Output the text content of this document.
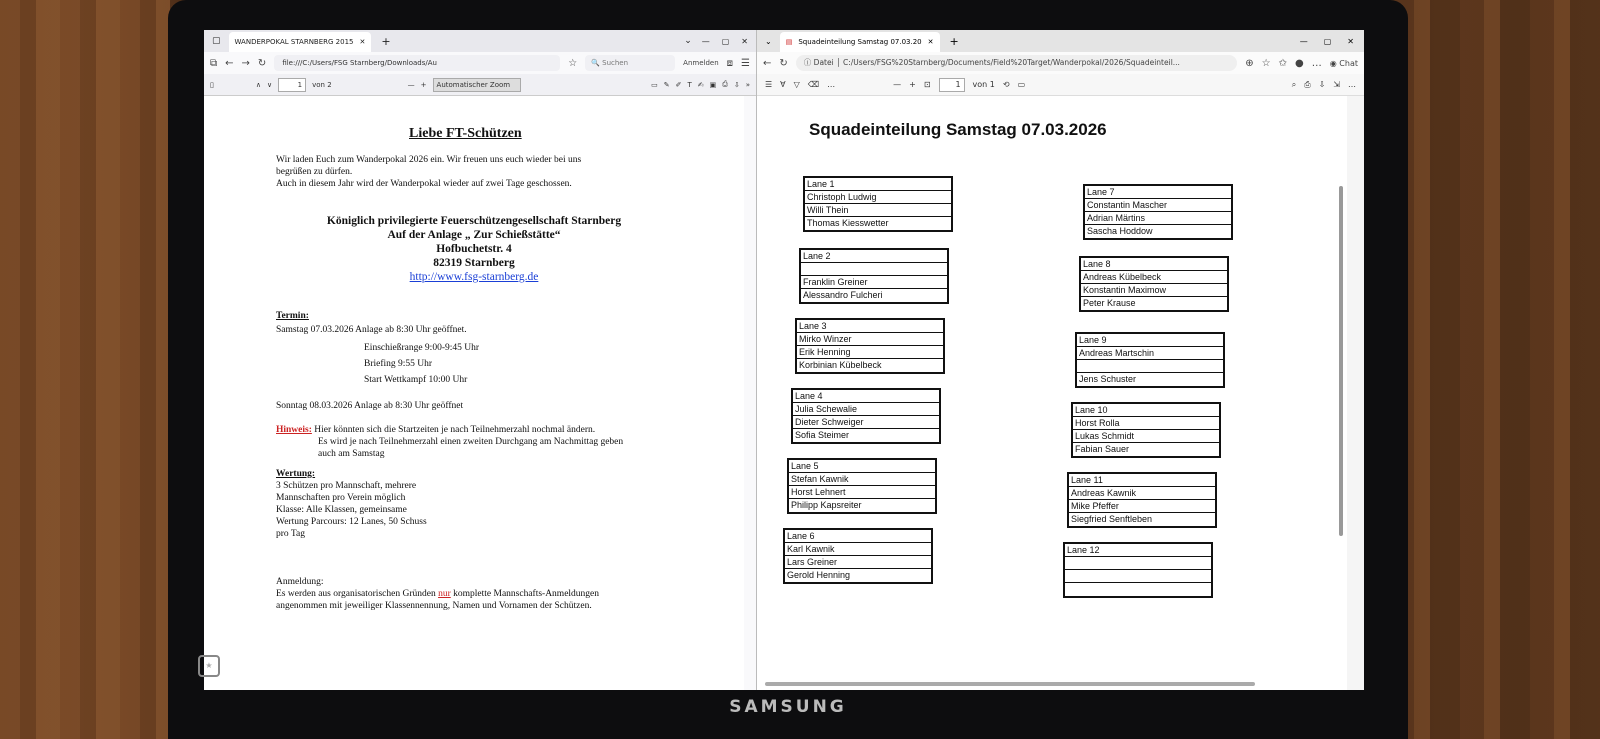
▢ WANDERPOKAL STARNBERG 2015 ✕ +	⌄ — ▢ ✕
⧉ ← → ↻	file:///C:/Users/FSG Starnberg/Downloads/Au	☆	🔍 Suchen	Anmelden ⧈ ☰
▯	∧ ∨	1	von 2	— +	Automatischer Zoom	▭ ✎ ✐ T ✍ ▣ ⎙ ⇩ »

Liebe FT-Schützen

Wir laden Euch zum Wanderpokal 2026 ein. Wir freuen uns euch wieder bei uns

begrüßen zu dürfen.

Auch in diesem Jahr wird der Wanderpokal wieder auf zwei Tage geschossen.

Königlich privilegierte Feuerschützengesellschaft Starnberg
Auf der Anlage „ Zur Schießstätte“
Hofbuchetstr. 4
82319 Starnberg
http://www.fsg-starnberg.de

Termin:

Samstag 07.03.2026 Anlage ab 8:30 Uhr geöffnet.

Einschießrange 9:00-9:45 Uhr

Briefing 9:55 Uhr

Start Wettkampf 10:00 Uhr

Sonntag 08.03.2026 Anlage ab 8:30 Uhr geöffnet

Hinweis: Hier könnten sich die Startzeiten je nach Teilnehmerzahl nochmal ändern.

Es wird je nach Teilnehmerzahl einen zweiten Durchgang am Nachmittag geben

auch am Samstag

Wertung:

3 Schützen pro Mannschaft, mehrere

Mannschaften pro Verein möglich

Klasse: Alle Klassen, gemeinsame

Wertung Parcours: 12 Lanes, 50 Schuss

pro Tag

Anmeldung:

Es werden aus organisatorischen Gründen nur komplette Mannschafts-Anmeldungen

angenommen mit jeweiliger Klassennennung, Namen und Vornamen der Schützen.

⌄ ▤ Squadeinteilung Samstag 07.03.20 ✕ +	— ▢ ✕
← ↻	ⓘ Datei │ C:/Users/FSG%20Starnberg/Documents/Field%20Target/Wanderpokal/2026/Squadeinteil...	⊕ ☆ ✩ ● … ◉ Chat
☰ ∀ ▽ ⌫ …	— + ⊡	1	von 1 ⟲ ▭	⌕ ⎙ ⇩ ⇲ …
Squadeinteilung Samstag 07.03.2026
Lane 1
Christoph Ludwig
Willi Thein
Thomas Kiesswetter
Lane 2
Franklin Greiner
Alessandro Fulcheri
Lane 3
Mirko Winzer
Erik Henning
Korbinian Kübelbeck
Lane 4
Julia Schewalie
Dieter Schweiger
Sofia Steimer
Lane 5
Stefan Kawnik
Horst Lehnert
Philipp Kapsreiter
Lane 6
Karl Kawnik
Lars Greiner
Gerold Henning
Lane 7
Constantin Mascher
Adrian Märtins
Sascha Hoddow
Lane 8
Andreas Kübelbeck
Konstantin Maximow
Peter Krause
Lane 9
Andreas Martschin
Jens Schuster
Lane 10
Horst Rolla
Lukas Schmidt
Fabian Sauer
Lane 11
Andreas Kawnik
Mike Pfeffer
Siegfried Senftleben
Lane 12
★
SAMSUNG
